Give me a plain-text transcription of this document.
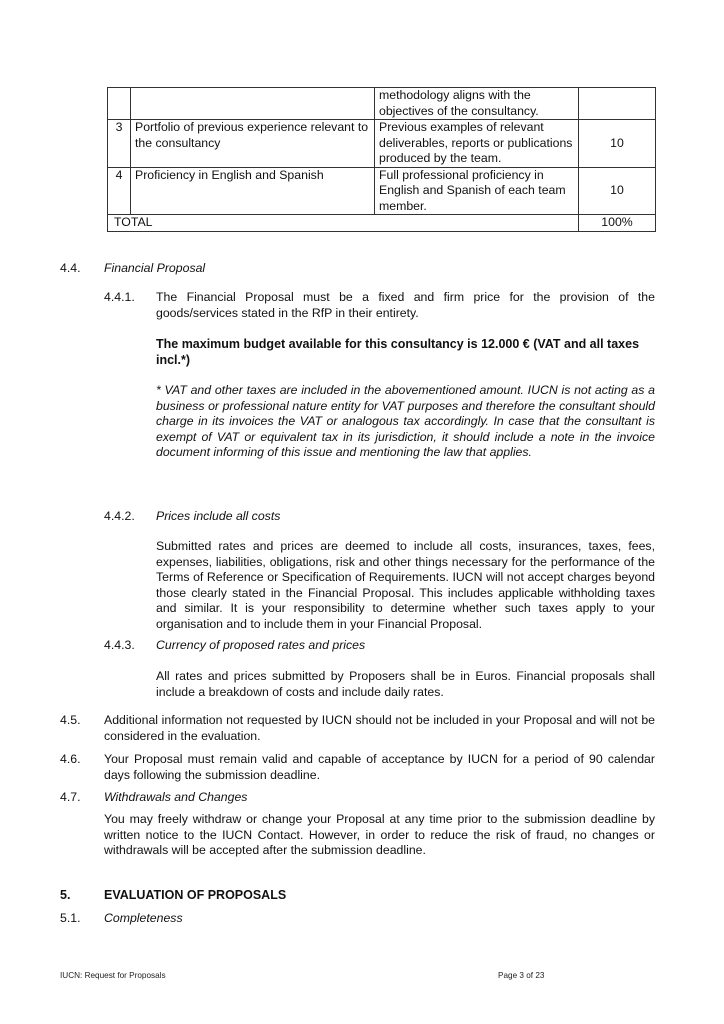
		methodology aligns with the objectives of the consultancy.	
3	Portfolio of previous experience relevant to the consultancy	Previous examples of relevant deliverables, reports or publications produced by the team.	10
4	Proficiency in English and Spanish	Full professional proficiency in English and Spanish of each team member.	10
TOTAL			100%
4.4. Financial Proposal
4.4.1. The Financial Proposal must be a fixed and firm price for the provision of the goods/services stated in the RfP in their entirety.

The maximum budget available for this consultancy is 12.000 € (VAT and all taxes incl.*)

* VAT and other taxes are included in the abovementioned amount. IUCN is not acting as a business or professional nature entity for VAT purposes and therefore the consultant should charge in its invoices the VAT or analogous tax accordingly. In case that the consultant is exempt of VAT or equivalent tax in its jurisdiction, it should include a note in the invoice document informing of this issue and mentioning the law that applies.

4.4.2. Prices include all costs

Submitted rates and prices are deemed to include all costs, insurances, taxes, fees, expenses, liabilities, obligations, risk and other things necessary for the performance of the Terms of Reference or Specification of Requirements. IUCN will not accept charges beyond those clearly stated in the Financial Proposal. This includes applicable withholding taxes and similar. It is your responsibility to determine whether such taxes apply to your organisation and to include them in your Financial Proposal.

4.4.3. Currency of proposed rates and prices

All rates and prices submitted by Proposers shall be in Euros. Financial proposals shall include a breakdown of costs and include daily rates.

4.5. Additional information not requested by IUCN should not be included in your Proposal and will not be considered in the evaluation.

4.6. Your Proposal must remain valid and capable of acceptance by IUCN for a period of 90 calendar days following the submission deadline.

4.7. Withdrawals and Changes

You may freely withdraw or change your Proposal at any time prior to the submission deadline by written notice to the IUCN Contact. However, in order to reduce the risk of fraud, no changes or withdrawals will be accepted after the submission deadline.

5.	EVALUATION OF PROPOSALS
5.1. Completeness
IUCN: Request for Proposals	Page 3 of 23
